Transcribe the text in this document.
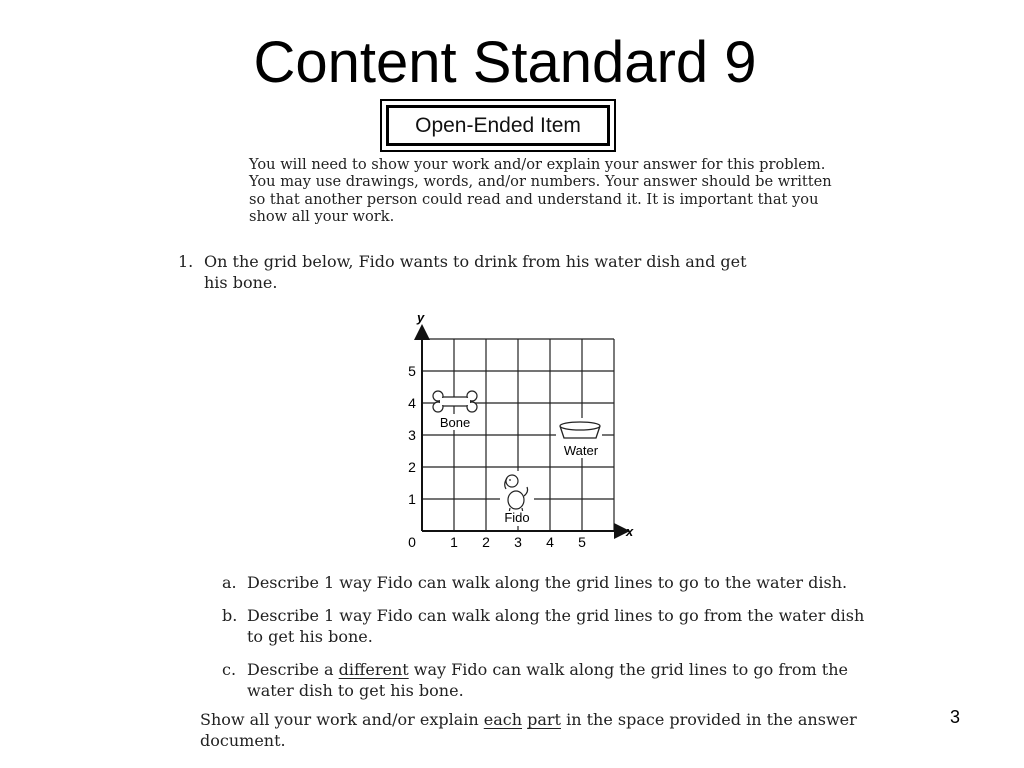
Content Standard 9
Open-Ended Item
You will need to show your work and/or explain your answer for this problem. You may use drawings, words, and/or numbers. Your answer should be written so that another person could read and understand it. It is important that you show all your work.
1. On the grid below, Fido wants to drink from his water dish and get his bone.
x
y
0 1 2 3 4 5
1
2
3
4
5
Bone
Water
Fido
a. Describe 1 way Fido can walk along the grid lines to go to the water dish.
b. Describe 1 way Fido can walk along the grid lines to go from the water dish to get his bone.
c. Describe a different way Fido can walk along the grid lines to go from the water dish to get his bone.
Show all your work and/or explain each part in the space provided in the answer document.
3
